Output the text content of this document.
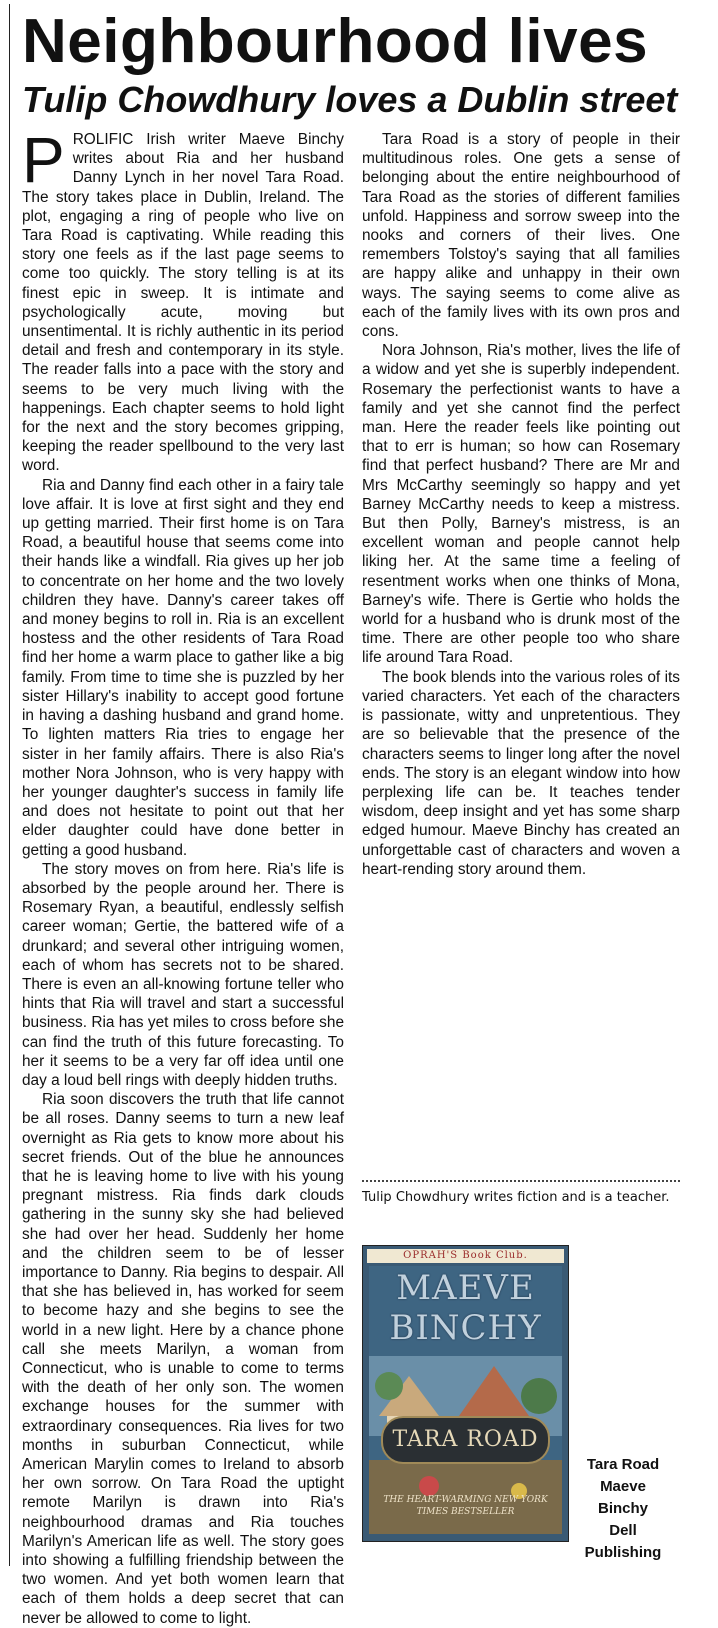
Neighbourhood lives
Tulip Chowdhury loves a Dublin street

PROLIFIC Irish writer Maeve Binchy writes about Ria and her husband Danny Lynch in her novel Tara Road. The story takes place in Dublin, Ireland. The plot, engaging a ring of people who live on Tara Road is captivating. While reading this story one feels as if the last page seems to come too quickly. The story telling is at its finest epic in sweep. It is intimate and psychologically acute, moving but unsentimental. It is richly authentic in its period detail and fresh and contemporary in its style. The reader falls into a pace with the story and seems to be very much living with the happenings. Each chapter seems to hold light for the next and the story becomes gripping, keeping the reader spellbound to the very last word.

Ria and Danny find each other in a fairy tale love affair. It is love at first sight and they end up getting married. Their first home is on Tara Road, a beautiful house that seems come into their hands like a windfall. Ria gives up her job to concentrate on her home and the two lovely children they have. Danny's career takes off and money begins to roll in. Ria is an excellent hostess and the other residents of Tara Road find her home a warm place to gather like a big family. From time to time she is puzzled by her sister Hillary's inability to accept good fortune in having a dashing husband and grand home. To lighten matters Ria tries to engage her sister in her family affairs. There is also Ria's mother Nora Johnson, who is very happy with her younger daughter's success in family life and does not hesitate to point out that her elder daughter could have done better in getting a good husband.

The story moves on from here. Ria's life is absorbed by the people around her. There is Rosemary Ryan, a beautiful, endlessly selfish career woman; Gertie, the battered wife of a drunkard; and several other intriguing women, each of whom has secrets not to be shared. There is even an all-knowing fortune teller who hints that Ria will travel and start a successful business. Ria has yet miles to cross before she can find the truth of this future forecasting. To her it seems to be a very far off idea until one day a loud bell rings with deeply hidden truths.

Ria soon discovers the truth that life cannot be all roses. Danny seems to turn a new leaf overnight as Ria gets to know more about his secret friends. Out of the blue he announces that he is leaving home to live with his young pregnant mistress. Ria finds dark clouds gathering in the sunny sky she had believed she had over her head. Suddenly her home and the children seem to be of lesser importance to Danny. Ria begins to despair. All that she has believed in, has worked for seem to become hazy and she begins to see the world in a new light. Here by a chance phone call she meets Marilyn, a woman from Connecticut, who is unable to come to terms with the death of her only son. The women exchange houses for the summer with extraordinary consequences. Ria lives for two months in suburban Connecticut, while American Marylin comes to Ireland to absorb her own sorrow. On Tara Road the uptight remote Marilyn is drawn into Ria's neighbourhood dramas and Ria touches Marilyn's American life as well. The story goes into showing a fulfilling friendship between the two women. And yet both women learn that each of them holds a deep secret that can never be allowed to come to light.

Tara Road is a story of people in their multitudinous roles. One gets a sense of belonging about the entire neighbourhood of Tara Road as the stories of different families unfold. Happiness and sorrow sweep into the nooks and corners of their lives. One remembers Tolstoy's saying that all families are happy alike and unhappy in their own ways. The saying seems to come alive as each of the family lives with its own pros and cons.

Nora Johnson, Ria's mother, lives the life of a widow and yet she is superbly independent. Rosemary the perfectionist wants to have a family and yet she cannot find the perfect man. Here the reader feels like pointing out that to err is human; so how can Rosemary find that perfect husband? There are Mr and Mrs McCarthy seemingly so happy and yet Barney McCarthy needs to keep a mistress. But then Polly, Barney's mistress, is an excellent woman and people cannot help liking her. At the same time a feeling of resentment works when one thinks of Mona, Barney's wife. There is Gertie who holds the world for a husband who is drunk most of the time. There are other people too who share life around Tara Road.

The book blends into the various roles of its varied characters. Yet each of the characters is passionate, witty and unpretentious. They are so believable that the presence of the characters seems to linger long after the novel ends. The story is an elegant window into how perplexing life can be. It teaches tender wisdom, deep insight and yet has some sharp edged humour. Maeve Binchy has created an unforgettable cast of characters and woven a heart-rending story around them.

Tulip Chowdhury writes fiction and is a teacher.

OPRAH'S Book Club.
MAEVE BINCHY
TARA ROAD
THE HEART-WARMING NEW YORK TIMES BESTSELLER
Tara Road
Maeve Binchy
Dell
Publishing
